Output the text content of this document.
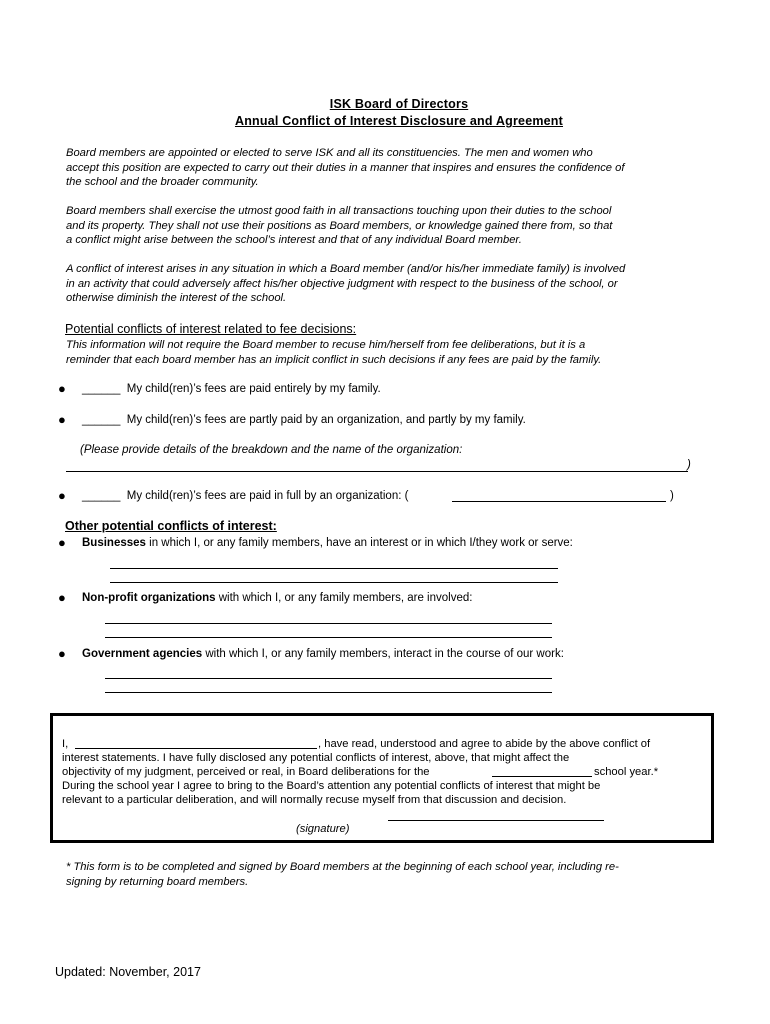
ISK Board of Directors
Annual Conflict of Interest Disclosure and Agreement
Board members are appointed or elected to serve ISK and all its constituencies. The men and women who
accept this position are expected to carry out their duties in a manner that inspires and ensures the confidence of
the school and the broader community.
Board members shall exercise the utmost good faith in all transactions touching upon their duties to the school
and its property. They shall not use their positions as Board members, or knowledge gained there from, so that
a conflict might arise between the school’s interest and that of any individual Board member.
A conflict of interest arises in any situation in which a Board member (and/or his/her immediate family) is involved
in an activity that could adversely affect his/her objective judgment with respect to the business of the school, or
otherwise diminish the interest of the school.
Potential conflicts of interest related to fee decisions:
This information will not require the Board member to recuse him/herself from fee deliberations, but it is a
reminder that each board member has an implicit conflict in such decisions if any fees are paid by the family.
● ______ My child(ren)’s fees are paid entirely by my family.
● ______ My child(ren)’s fees are partly paid by an organization, and partly by my family.
(Please provide details of the breakdown and the name of the organization:
)
● ______ My child(ren)’s fees are paid in full by an organization: (	)
Other potential conflicts of interest:
● Businesses in which I, or any family members, have an interest or in which I/they work or serve:
● Non-profit organizations with which I, or any family members, are involved:
● Government agencies with which I, or any family members, interact in the course of our work:
I,	, have read, understood and agree to abide by the above conflict of
interest statements. I have fully disclosed any potential conflicts of interest, above, that might affect the
objectivity of my judgment, perceived or real, in Board deliberations for the	school year.*
During the school year I agree to bring to the Board’s attention any potential conflicts of interest that might be
relevant to a particular deliberation, and will normally recuse myself from that discussion and decision.
(signature)
* This form is to be completed and signed by Board members at the beginning of each school year, including re-
signing by returning board members.
Updated: November, 2017
